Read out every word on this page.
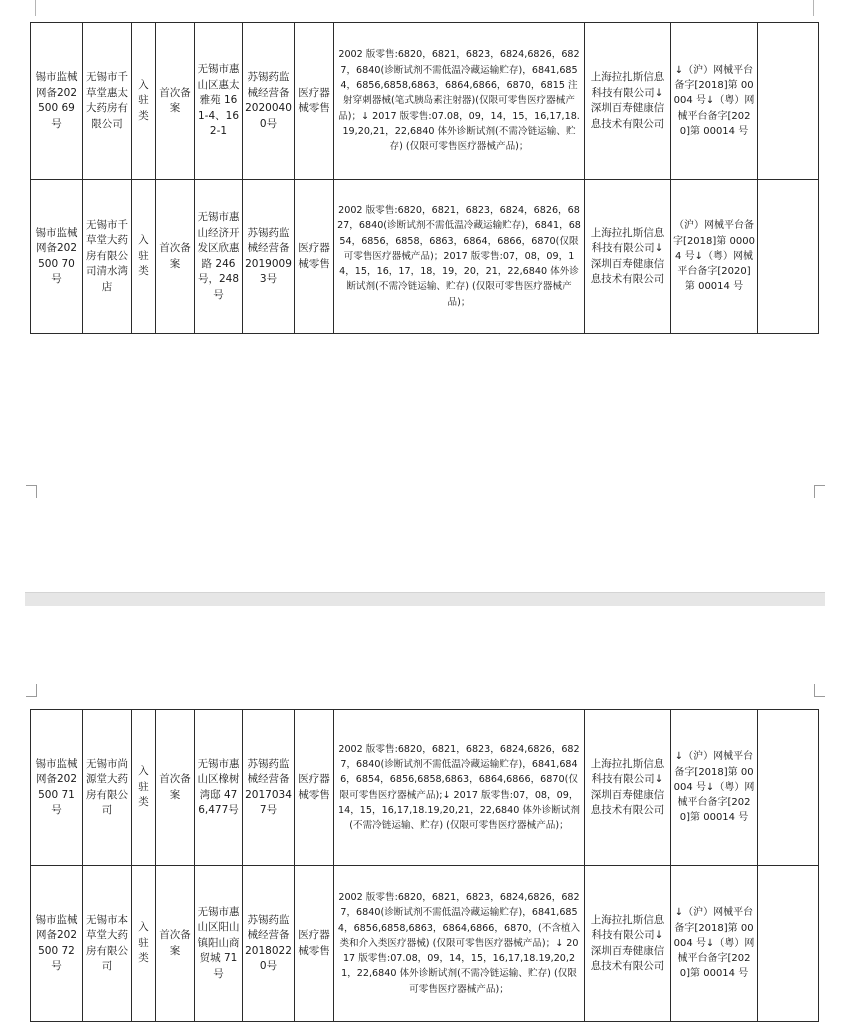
锡市监械网备202500 69号	无锡市千草堂惠太大药房有限公司	入驻类	首次备案	无锡市惠山区惠太雅苑 161-4、162-1	苏锡药监械经营备20200400号	医疗器械零售	2002 版零售:6820，6821，6823，6824,6826，6827，6840(诊断试剂不需低温冷藏运输贮存)，6841,6854，6856,6858,6863，6864,6866，6870，6815 注射穿刺器械(笔式胰岛素注射器)(仅限可零售医疗器械产品)；↓ 2017 版零售:07.08，09，14，15，16,17,18.19,20,21，22,6840 体外诊断试剂(不需冷链运输、贮存) (仅限可零售医疗器械产品)；	上海拉扎斯信息科技有限公司↓深圳百寿健康信息技术有限公司	↓（沪）网械平台备字[2018]第 00004 号↓（粤）网械平台备字[2020]第 00014 号	
锡市监械网备202500 70号	无锡市千草堂大药房有限公司清水湾店	入驻类	首次备案	无锡市惠山经济开发区欣惠路 246号，248 号	苏锡药监械经营备20190093号	医疗器械零售	2002 版零售:6820，6821，6823，6824，6826，6827，6840(诊断试剂不需低温冷藏运输贮存)，6841，6854，6856，6858，6863，6864，6866，6870(仅限可零售医疗器械产品)；2017 版零售:07，08，09，14，15，16，17，18，19，20，21，22,6840 体外诊断试剂(不需冷链运输、贮存) (仅限可零售医疗器械产品)；	上海拉扎斯信息科技有限公司↓深圳百寿健康信息技术有限公司	（沪）网械平台备字[2018]第 00004 号↓（粤）网械平台备字[2020]第 00014 号	
锡市监械网备202500 71号	无锡市尚源堂大药房有限公司	入驻类	首次备案	无锡市惠山区橡树湾邸 476,477号	苏锡药监械经营备20170347号	医疗器械零售	2002 版零售:6820，6821，6823，6824,6826，6827，6840(诊断试剂不需低温冷藏运输贮存)，6841,6846，6854，6856,6858,6863，6864,6866，6870(仅限可零售医疗器械产品);↓ 2017 版零售:07，08，09，14，15，16,17,18.19,20,21，22,6840 体外诊断试剂(不需冷链运输、贮存) (仅限可零售医疗器械产品)；	上海拉扎斯信息科技有限公司↓深圳百寿健康信息技术有限公司	↓（沪）网械平台备字[2018]第 00004 号↓（粤）网械平台备字[2020]第 00014 号	
锡市监械网备202500 72号	无锡市本草堂大药房有限公司	入驻类	首次备案	无锡市惠山区阳山镇阳山商贸城 71 号	苏锡药监械经营备20180220号	医疗器械零售	2002 版零售:6820，6821，6823，6824,6826，6827，6840(诊断试剂不需低温冷藏运输贮存)，6841,6854，6856,6858,6863，6864,6866，6870，(不含植入类和介入类医疗器械) (仅限可零售医疗器械产品)；↓ 2017 版零售:07.08，09，14，15，16,17,18.19,20,21，22,6840 体外诊断试剂(不需冷链运输、贮存) (仅限可零售医疗器械产品)；	上海拉扎斯信息科技有限公司↓深圳百寿健康信息技术有限公司	↓（沪）网械平台备字[2018]第 00004 号↓（粤）网械平台备字[2020]第 00014 号	
